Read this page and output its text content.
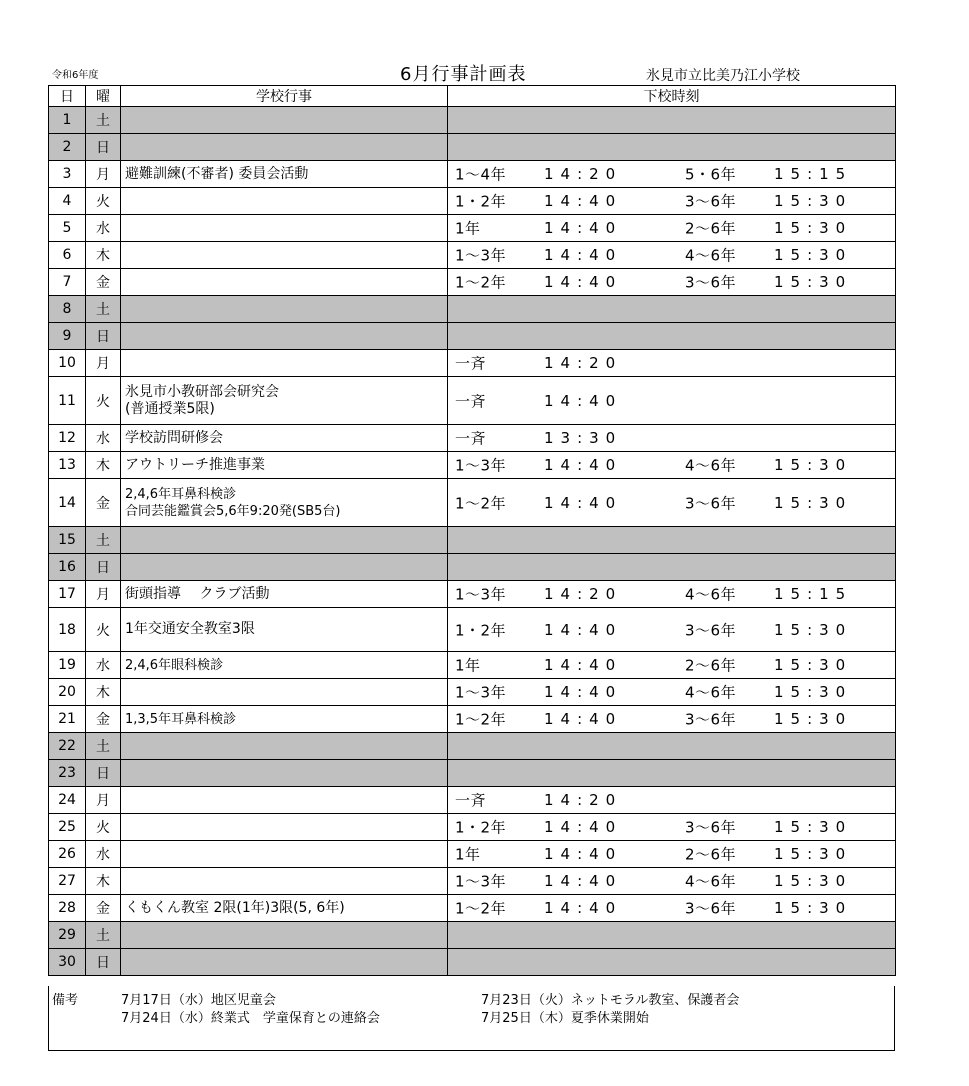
令和6年度	6月行事計画表	氷見市立比美乃江小学校
日	曜	学校行事	下校時刻
1	土		
2	日		
3	月	避難訓練(不審者) 委員会活動	1～4年 14:20 5・6年 15:15

4	火		1・2年 14:40 3～6年 15:30

5	水		1年 14:40 2～6年 15:30

6	木		1～3年 14:40 4～6年 15:30

7	金		1～2年 14:40 3～6年 15:30

8	土		
9	日		
10	月		一斉 14:20

11	火	氷見市小教研部会研究会
(普通授業5限)	一斉 14:40

12	水	学校訪問研修会	一斉 13:30

13	木	アウトリーチ推進事業	1～3年 14:40 4～6年 15:30

14	金	2,4,6年耳鼻科検診
合同芸能鑑賞会5,6年9:20発(SB5台)	1～2年 14:40 3～6年 15:30

15	土		
16	日		
17	月	街頭指導　 クラブ活動	1～3年 14:20 4～6年 15:15

18	火	1年交通安全教室3限	1・2年 14:40 3～6年 15:30

19	水	2,4,6年眼科検診	1年 14:40 2～6年 15:30

20	木		1～3年 14:40 4～6年 15:30

21	金	1,3,5年耳鼻科検診	1～2年 14:40 3～6年 15:30

22	土		
23	日		
24	月		一斉 14:20

25	火		1・2年 14:40 3～6年 15:30

26	水		1年 14:40 2～6年 15:30

27	木		1～3年 14:40 4～6年 15:30

28	金	くもくん教室 2限(1年)3限(5, 6年)	1～2年 14:40 3～6年 15:30

29	土		
30	日		
備考	7月17日（水）地区児童会
7月24日（水）終業式　学童保育との連絡会
7月23日（火）ネットモラル教室、保護者会
7月25日（木）夏季休業開始
